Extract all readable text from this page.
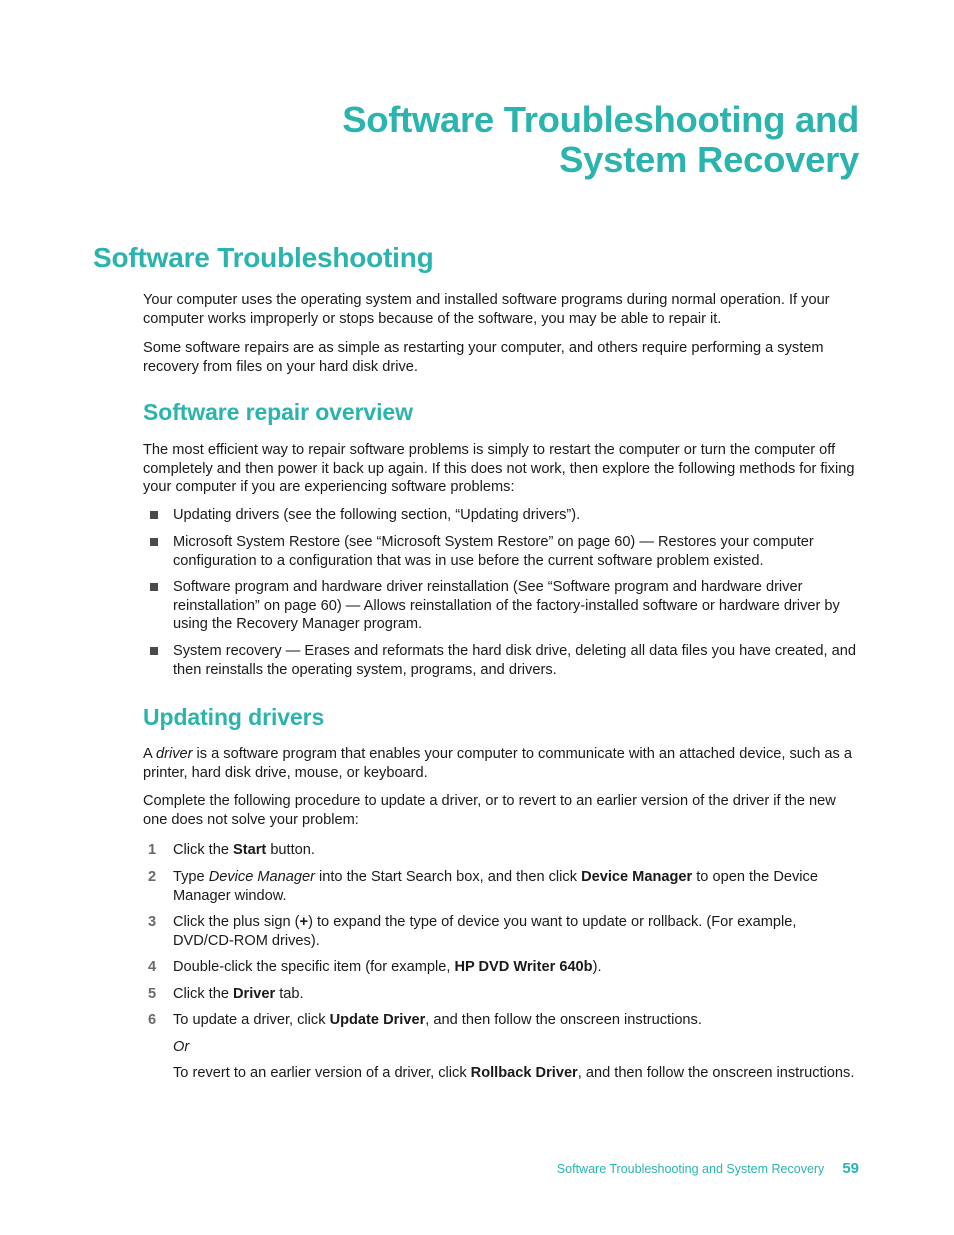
Software Troubleshooting and
System Recovery
Software Troubleshooting

Your computer uses the operating system and installed software programs during normal operation. If your computer works improperly or stops because of the software, you may be able to repair it.

Some software repairs are as simple as restarting your computer, and others require performing a system recovery from files on your hard disk drive.

Software repair overview

The most efficient way to repair software problems is simply to restart the computer or turn the computer off completely and then power it back up again. If this does not work, then explore the following methods for fixing your computer if you are experiencing software problems:

Updating drivers (see the following section, “Updating drivers”).
Microsoft System Restore (see “Microsoft System Restore” on page 60) — Restores your computer configuration to a configuration that was in use before the current software problem existed.
Software program and hardware driver reinstallation (See “Software program and hardware driver reinstallation” on page 60) — Allows reinstallation of the factory-installed software or hardware driver by using the Recovery Manager program.
System recovery — Erases and reformats the hard disk drive, deleting all data files you have created, and then reinstalls the operating system, programs, and drivers.
Updating drivers

A driver is a software program that enables your computer to communicate with an attached device, such as a printer, hard disk drive, mouse, or keyboard.

Complete the following procedure to update a driver, or to revert to an earlier version of the driver if the new one does not solve your problem:

1 Click the Start button.
2 Type Device Manager into the Start Search box, and then click Device Manager to open the Device Manager window.
3 Click the plus sign (+) to expand the type of device you want to update or rollback. (For example, DVD/CD-ROM drives).
4 Double-click the specific item (for example, HP DVD Writer 640b).
5 Click the Driver tab.
6 To update a driver, click Update Driver, and then follow the onscreen instructions.
Or
To revert to an earlier version of a driver, click Rollback Driver, and then follow the onscreen instructions.
Software Troubleshooting and System Recovery 59
